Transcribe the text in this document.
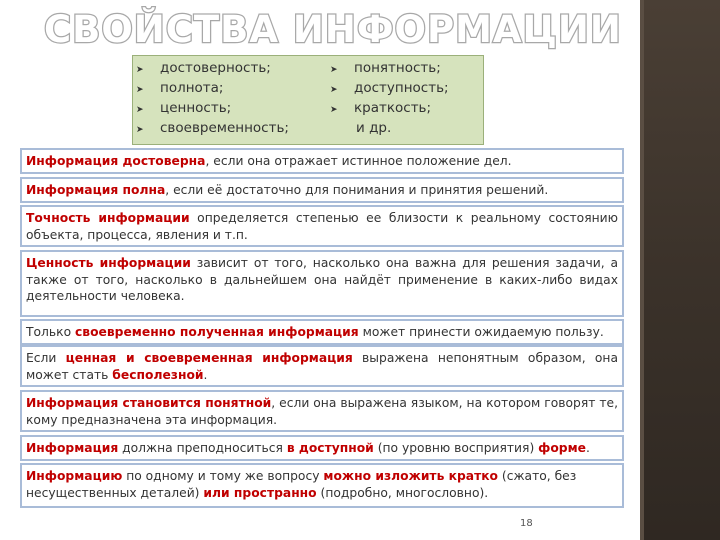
СВОЙСТВА ИНФОРМАЦИИ
➤ достоверность;
➤ полнота;
➤ ценность;
➤ своевременность;
➤ понятность;
➤ доступность;
➤ краткость;
и др.
Информация достоверна, если она отражает истинное положение дел.
Информация полна, если её достаточно для понимания и принятия решений.
Точность информации определяется степенью ее близости к реальному состоянию объекта, процесса, явления и т.п.
Ценность информации зависит от того, насколько она важна для решения задачи, а также от того, насколько в дальнейшем она найдёт применение в каких-либо видах деятельности человека.
Только своевременно полученная информация может принести ожидаемую пользу.
Если ценная и своевременная информация выражена непонятным образом, она может стать бесполезной.
Информация становится понятной, если она выражена языком, на котором говорят те, кому предназначена эта информация.
Информация должна преподноситься в доступной (по уровню восприятия) форме.
Информацию по одному и тому же вопросу можно изложить кратко (сжато, без несущественных деталей) или пространно (подробно, многословно).
18
